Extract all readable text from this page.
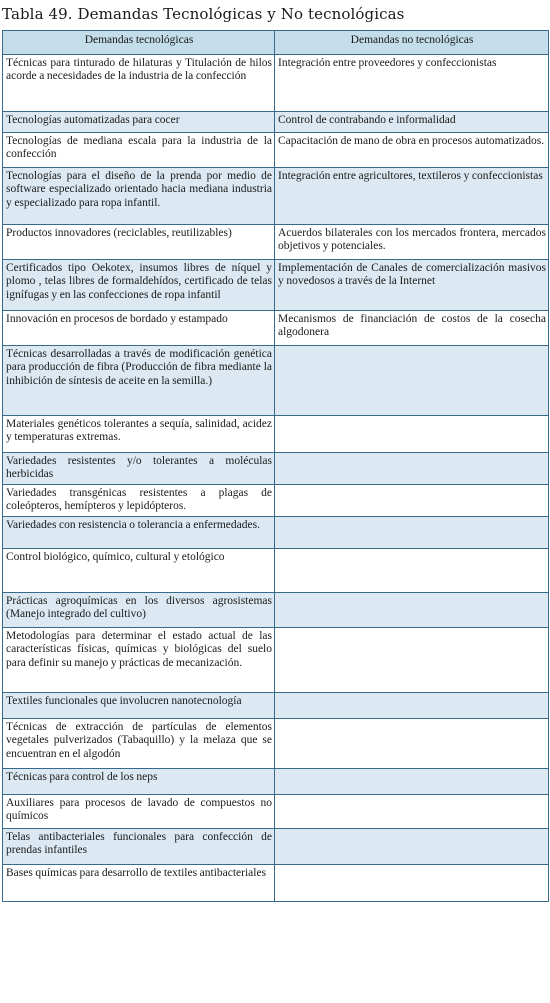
Tabla 49. Demandas Tecnológicas y No tecnológicas
Demandas tecnológicas	Demandas no tecnológicas
Técnicas para tinturado de hilaturas y Titulación de hilos acorde a necesidades de la industria de la confección	Integración entre proveedores y confeccionistas
Tecnologías automatizadas para cocer	Control de contrabando e informalidad
Tecnologías de mediana escala para la industria de la confección	Capacitación de mano de obra en procesos automatizados.
Tecnologías para el diseño de la prenda por medio de software especializado orientado hacia mediana industria y especializado para ropa infantil.	Integración entre agricultores, textileros y confeccionistas
Productos innovadores (reciclables, reutilizables)	Acuerdos bilaterales con los mercados frontera, mercados objetivos y potenciales.
Certificados tipo Oekotex, insumos libres de níquel y plomo , telas libres de formaldehídos, certificado de telas ignífugas y en las confecciones de ropa infantil	Implementación de Canales de comercialización masivos y novedosos a través de la Internet
Innovación en procesos de bordado y estampado	Mecanismos de financiación de costos de la cosecha algodonera
Técnicas desarrolladas a través de modificación genética para producción de fibra (Producción de fibra mediante la inhibición de síntesis de aceite en la semilla.)	
Materiales genéticos tolerantes a sequía, salinidad, acidez y temperaturas extremas.	
Variedades resistentes y/o tolerantes a moléculas herbicidas	
Variedades transgénicas resistentes a plagas de coleópteros, hemípteros y lepidópteros.	
Variedades con resistencia o tolerancia a enfermedades.	
Control biológico, químico, cultural y etológico	
Prácticas agroquímicas en los diversos agrosistemas (Manejo integrado del cultivo)	
Metodologías para determinar el estado actual de las características físicas, químicas y biológicas del suelo para definir su manejo y prácticas de mecanización.	
Textiles funcionales que involucren nanotecnología	
Técnicas de extracción de partículas de elementos vegetales pulverizados (Tabaquillo) y la melaza que se encuentran en el algodón	
Técnicas para control de los neps	
Auxiliares para procesos de lavado de compuestos no químicos	
Telas antibacteriales funcionales para confección de prendas infantiles	
Bases químicas para desarrollo de textiles antibacteriales	
